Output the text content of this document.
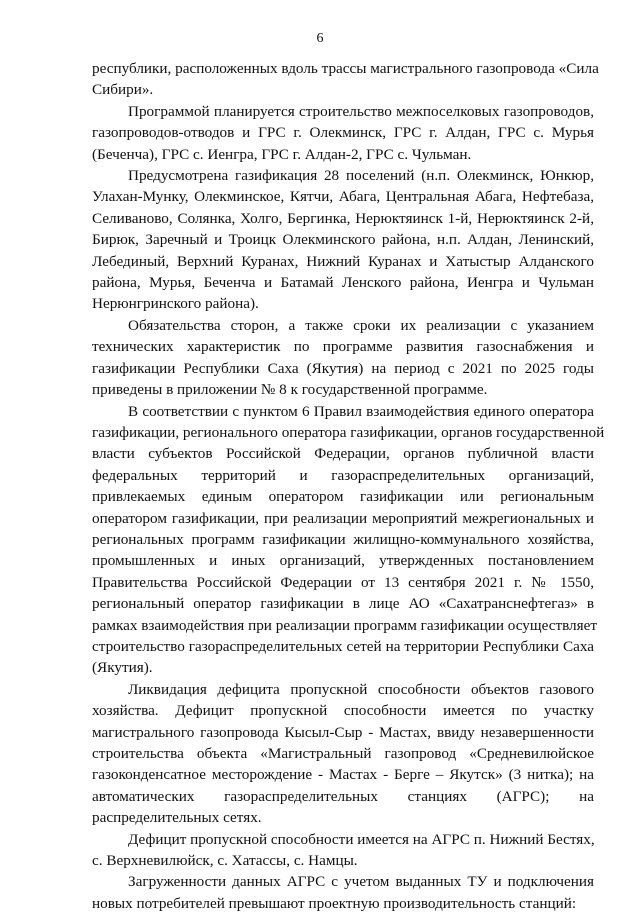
6
республики, расположенных вдоль трассы магистрального газопровода «Сила
Сибири».
Программой планируется строительство межпоселковых газопроводов,
газопроводов-отводов и ГРС г. Олекминск, ГРС г. Алдан, ГРС с. Мурья
(Беченча), ГРС с. Иенгра, ГРС г. Алдан-2, ГРС с. Чульман.
Предусмотрена газификация 28 поселений (н.п. Олекминск, Юнкюр,
Улахан-Мунку, Олекминское, Кятчи, Абага, Центральная Абага, Нефтебаза,
Селиваново, Солянка, Холго, Бергинка, Нерюктяинск 1-й, Нерюктяинск 2-й,
Бирюк, Заречный и Троицк Олекминского района, н.п. Алдан, Ленинский,
Лебединый, Верхний Куранах, Нижний Куранах и Хатыстыр Алданского
района, Мурья, Беченча и Батамай Ленского района, Иенгра и Чульман
Нерюнгринского района).
Обязательства сторон, а также сроки их реализации с указанием
технических характеристик по программе развития газоснабжения и
газификации Республики Саха (Якутия) на период с 2021 по 2025 годы
приведены в приложении № 8 к государственной программе.
В соответствии с пунктом 6 Правил взаимодействия единого оператора
газификации, регионального оператора газификации, органов государственной
власти субъектов Российской Федерации, органов публичной власти
федеральных территорий и газораспределительных организаций,
привлекаемых единым оператором газификации или региональным
оператором газификации, при реализации мероприятий межрегиональных и
региональных программ газификации жилищно-коммунального хозяйства,
промышленных и иных организаций, утвержденных постановлением
Правительства Российской Федерации от 13 сентября 2021 г. № 1550,
региональный оператор газификации в лице АО «Сахатранснефтегаз» в
рамках взаимодействия при реализации программ газификации осуществляет
строительство газораспределительных сетей на территории Республики Саха
(Якутия).
Ликвидация дефицита пропускной способности объектов газового
хозяйства. Дефицит пропускной способности имеется по участку
магистрального газопровода Кысыл-Сыр - Мастах, ввиду незавершенности
строительства объекта «Магистральный газопровод «Средневилюйское
газоконденсатное месторождение - Мастах - Берге – Якутск» (3 нитка); на
автоматических газораспределительных станциях (АГРС); на
распределительных сетях.
Дефицит пропускной способности имеется на АГРС п. Нижний Бестях,
с. Верхневилюйск, с. Хатассы, с. Намцы.
Загруженности данных АГРС с учетом выданных ТУ и подключения
новых потребителей превышают проектную производительность станций:
